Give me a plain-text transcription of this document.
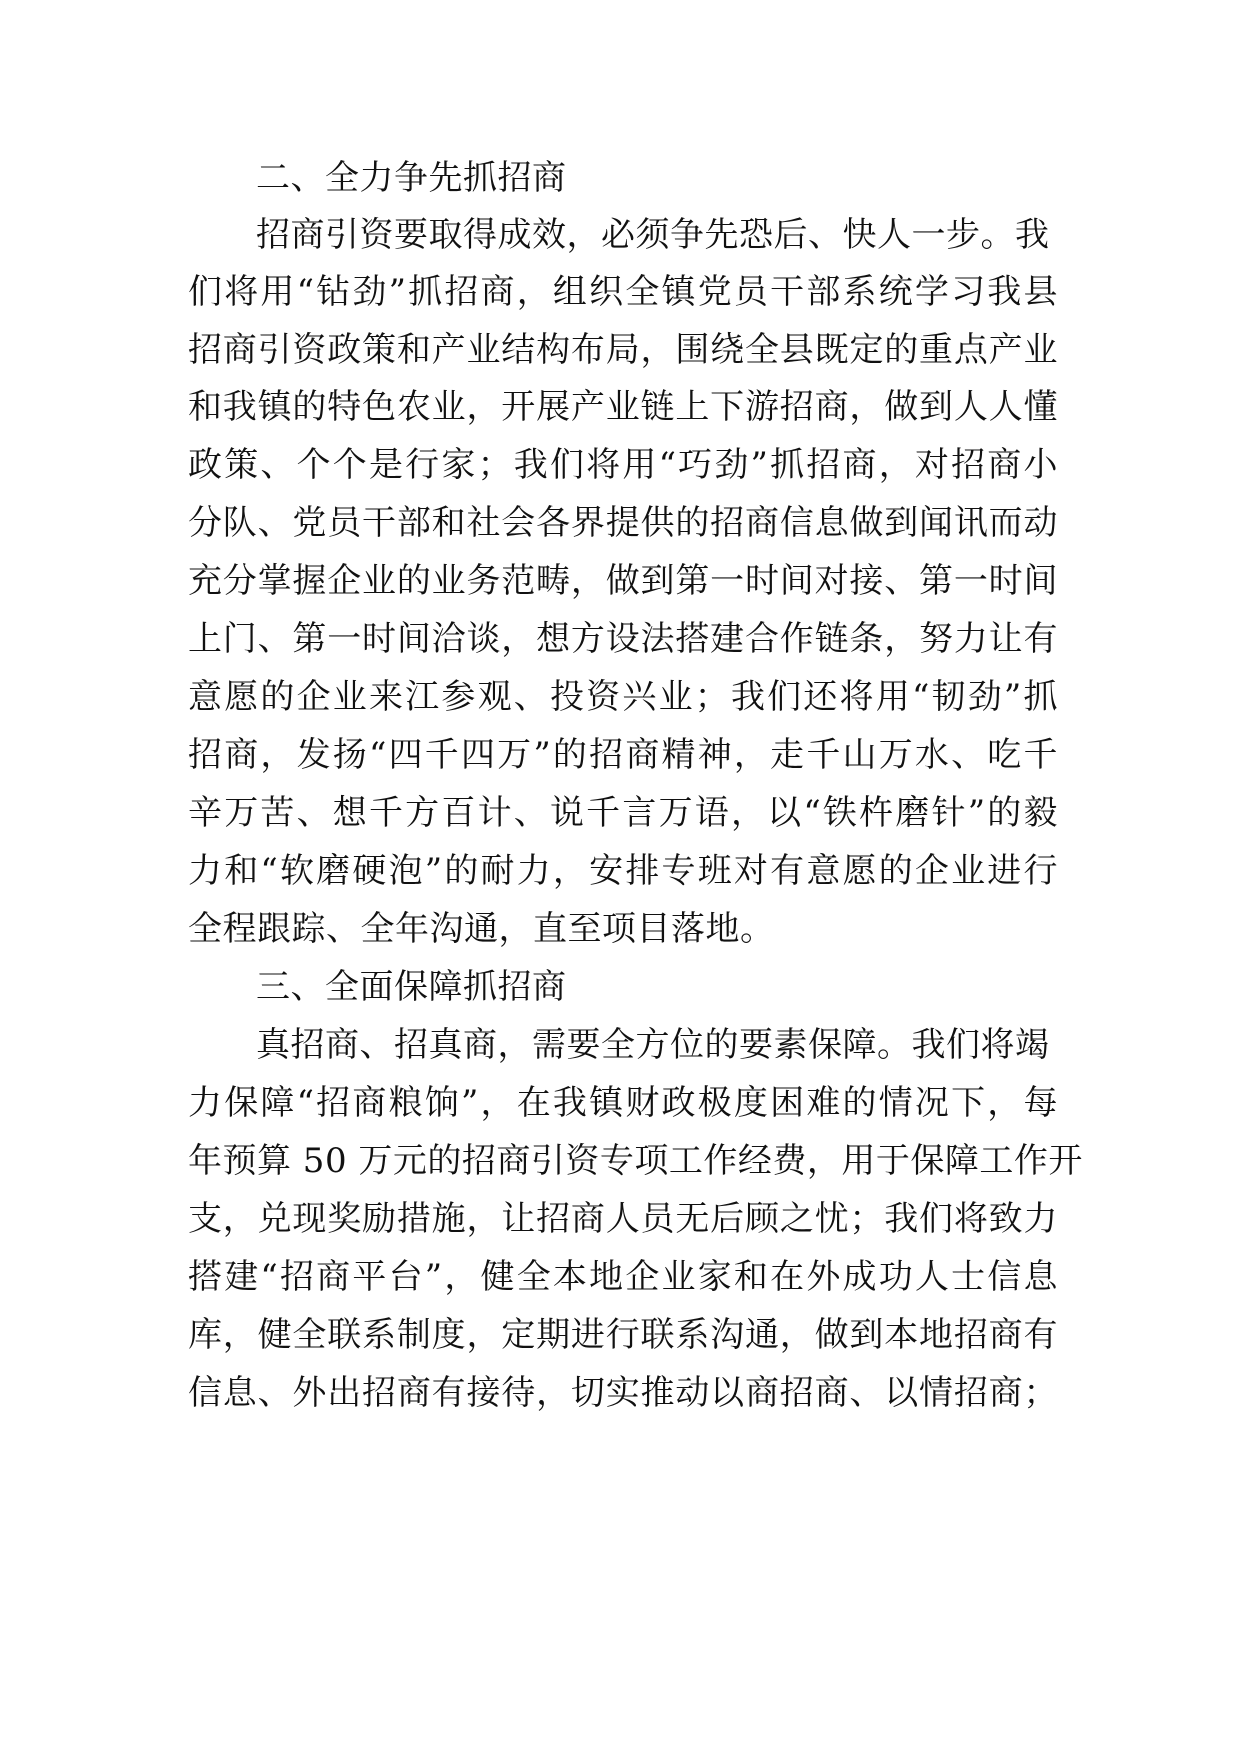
二、全力争先抓招商
招商引资要取得成效，必须争先恐后、快人一步。我
们将用“钻劲”抓招商，组织全镇党员干部系统学习我县
招商引资政策和产业结构布局，围绕全县既定的重点产业
和我镇的特色农业，开展产业链上下游招商，做到人人懂
政策、个个是行家；我们将用“巧劲”抓招商，对招商小
分队、党员干部和社会各界提供的招商信息做到闻讯而动
充分掌握企业的业务范畴，做到第一时间对接、第一时间
上门、第一时间洽谈，想方设法搭建合作链条，努力让有
意愿的企业来江参观、投资兴业；我们还将用“韧劲”抓
招商，发扬“四千四万”的招商精神，走千山万水、吃千
辛万苦、想千方百计、说千言万语，以“铁杵磨针”的毅
力和“软磨硬泡”的耐力，安排专班对有意愿的企业进行
全程跟踪、全年沟通，直至项目落地。
三、全面保障抓招商
真招商、招真商，需要全方位的要素保障。我们将竭
力保障“招商粮饷”，在我镇财政极度困难的情况下，每
年预算 50 万元的招商引资专项工作经费，用于保障工作开
支，兑现奖励措施，让招商人员无后顾之忧；我们将致力
搭建“招商平台”，健全本地企业家和在外成功人士信息
库，健全联系制度，定期进行联系沟通，做到本地招商有
信息、外出招商有接待，切实推动以商招商、以情招商；
